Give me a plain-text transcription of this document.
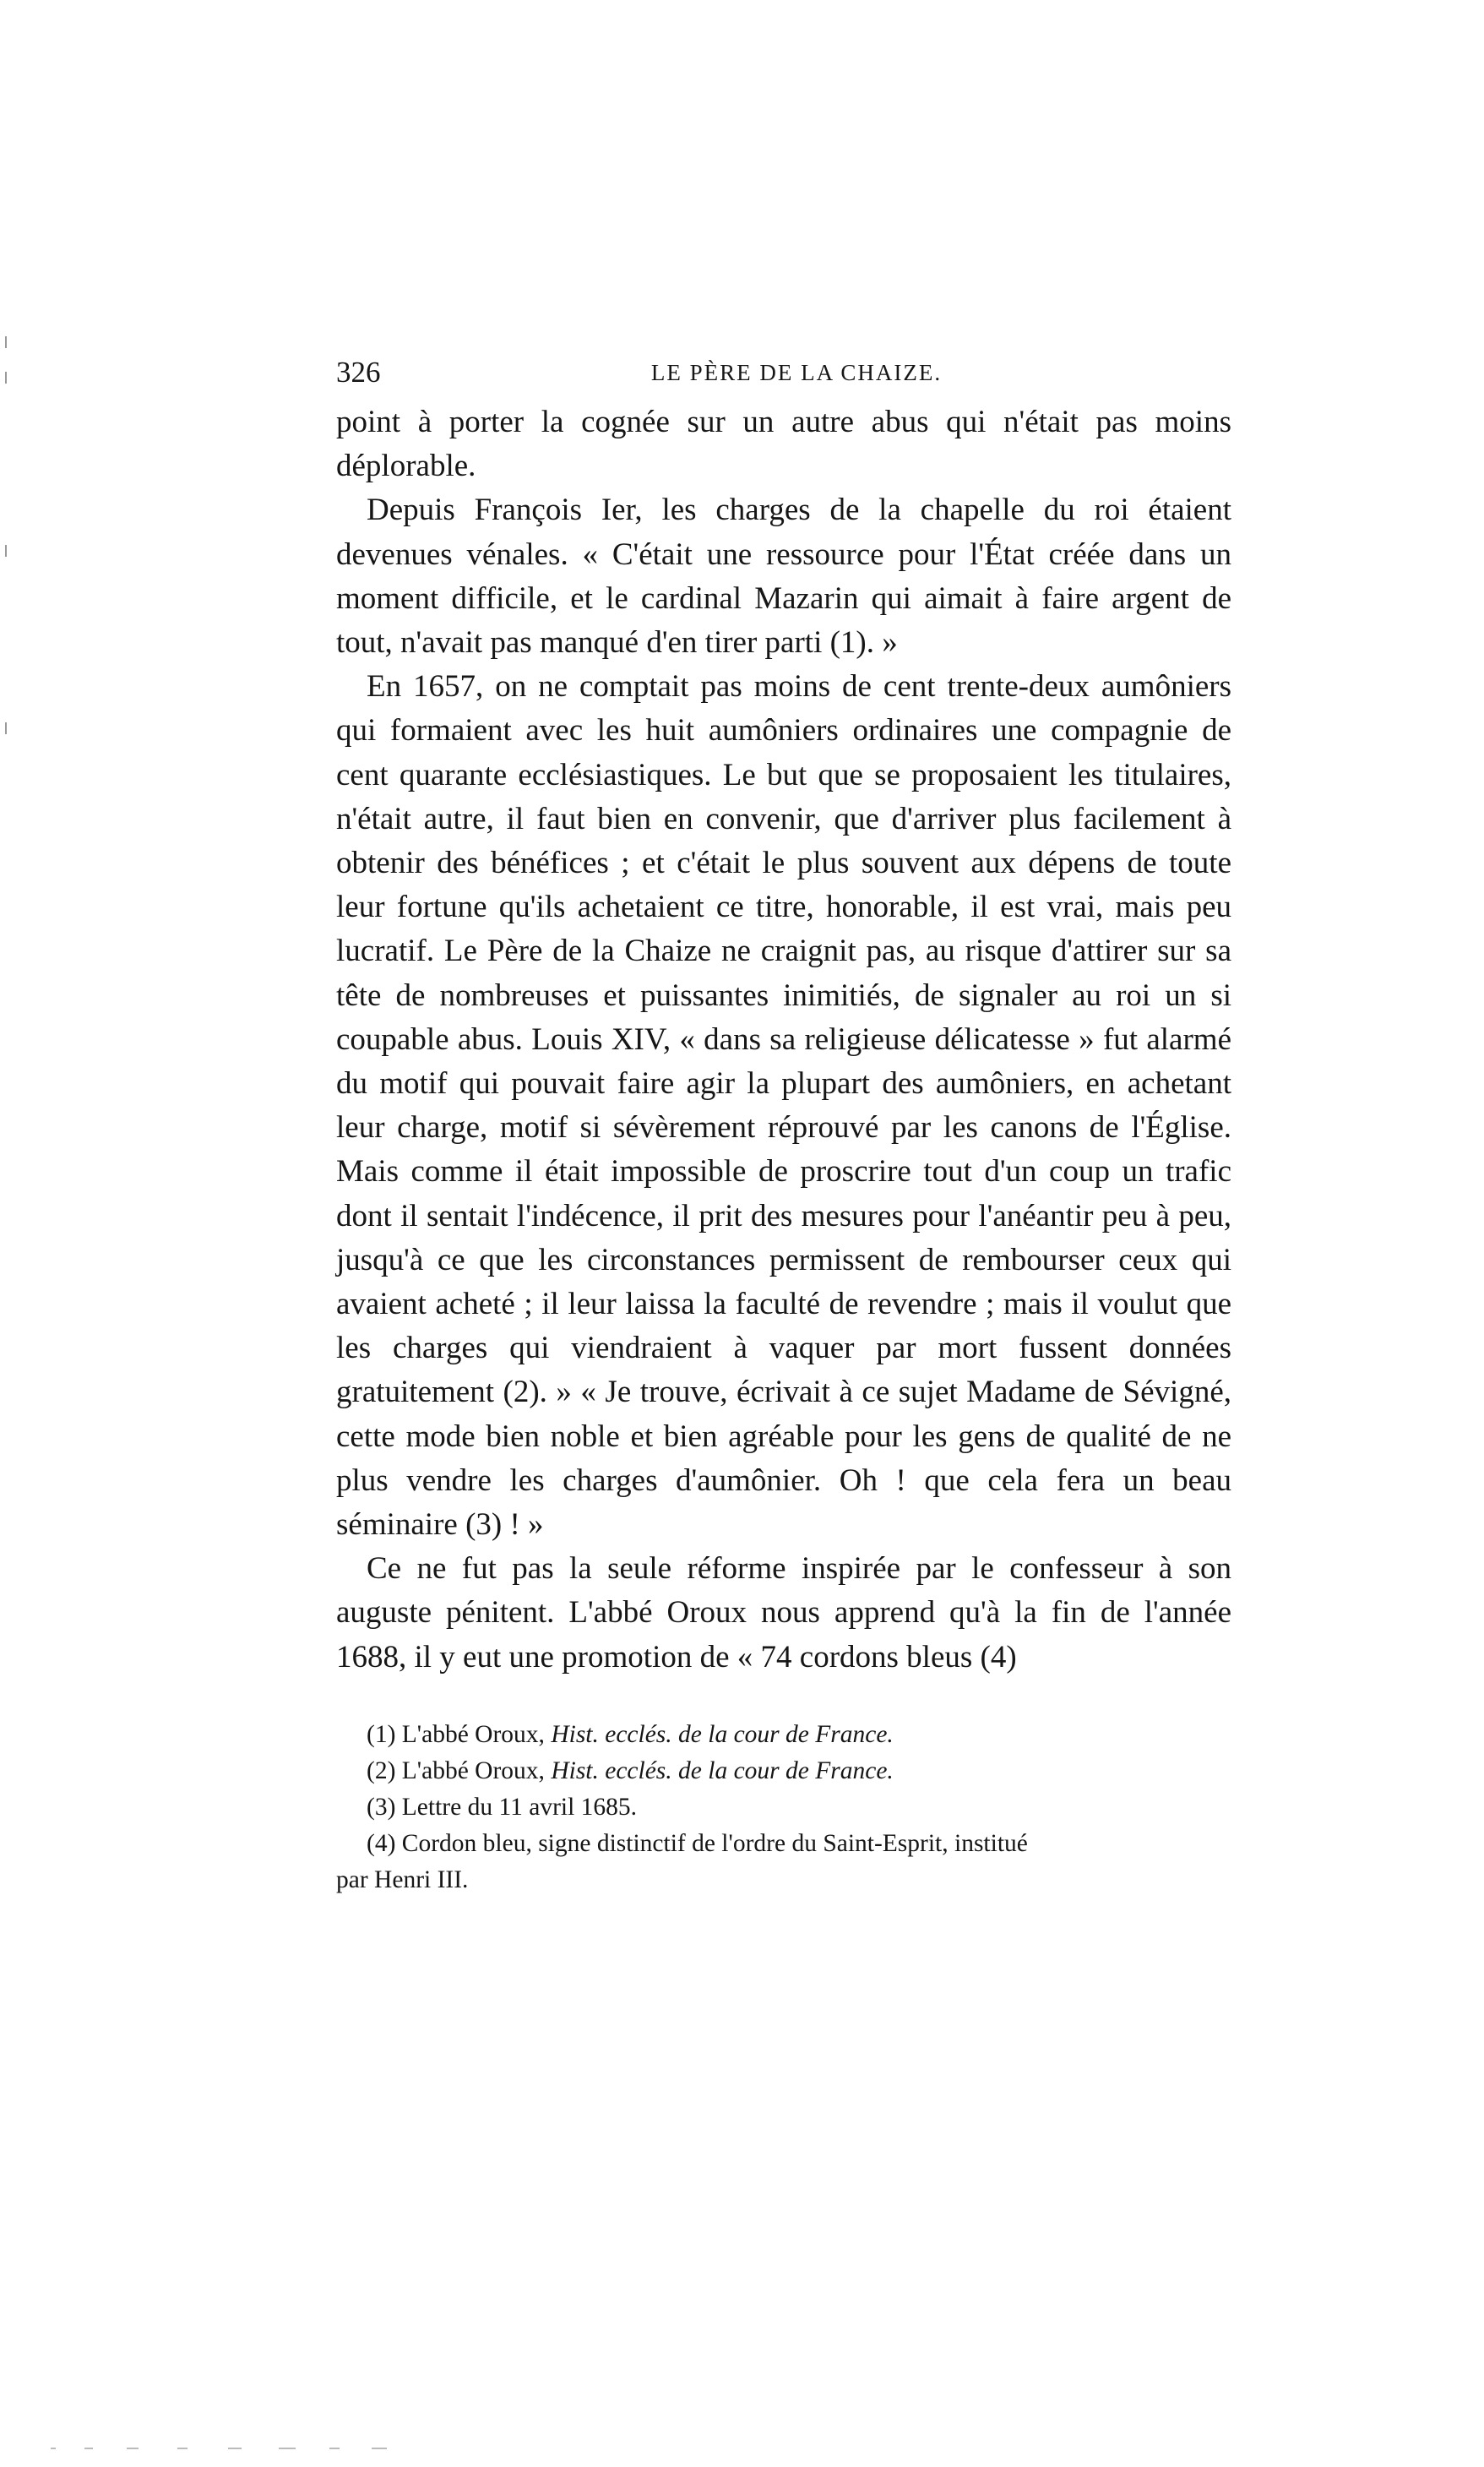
326	LE PÈRE DE LA CHAIZE.

point à porter la cognée sur un autre abus qui n'était pas moins déplorable.

Depuis François Ier, les charges de la chapelle du roi étaient devenues vénales. « C'était une ressource pour l'État créée dans un moment difficile, et le cardinal Mazarin qui aimait à faire argent de tout, n'avait pas manqué d'en tirer parti (1). »

En 1657, on ne comptait pas moins de cent trente-deux aumôniers qui formaient avec les huit aumôniers ordinaires une compagnie de cent quarante ecclésiastiques. Le but que se proposaient les titulaires, n'était autre, il faut bien en convenir, que d'arriver plus facilement à obtenir des bénéfices ; et c'était le plus souvent aux dépens de toute leur fortune qu'ils achetaient ce titre, honorable, il est vrai, mais peu lucratif. Le Père de la Chaize ne craignit pas, au risque d'attirer sur sa tête de nombreuses et puissantes inimitiés, de signaler au roi un si coupable abus. Louis XIV, « dans sa religieuse délicatesse » fut alarmé du motif qui pouvait faire agir la plupart des aumôniers, en achetant leur charge, motif si sévèrement réprouvé par les canons de l'Église. Mais comme il était impossible de proscrire tout d'un coup un trafic dont il sentait l'indécence, il prit des mesures pour l'anéantir peu à peu, jusqu'à ce que les circonstances permissent de rembourser ceux qui avaient acheté ; il leur laissa la faculté de revendre ; mais il voulut que les charges qui viendraient à vaquer par mort fussent données gratuitement (2). » « Je trouve, écrivait à ce sujet Madame de Sévigné, cette mode bien noble et bien agréable pour les gens de qualité de ne plus vendre les charges d'aumônier. Oh ! que cela fera un beau séminaire (3) ! »

Ce ne fut pas la seule réforme inspirée par le confesseur à son auguste pénitent. L'abbé Oroux nous apprend qu'à la fin de l'année 1688, il y eut une promotion de « 74 cordons bleus (4)

(1) L'abbé Oroux, Hist. ecclés. de la cour de France.

(2) L'abbé Oroux, Hist. ecclés. de la cour de France.

(3) Lettre du 11 avril 1685.

(4) Cordon bleu, signe distinctif de l'ordre du Saint-Esprit, institué
par Henri III.
